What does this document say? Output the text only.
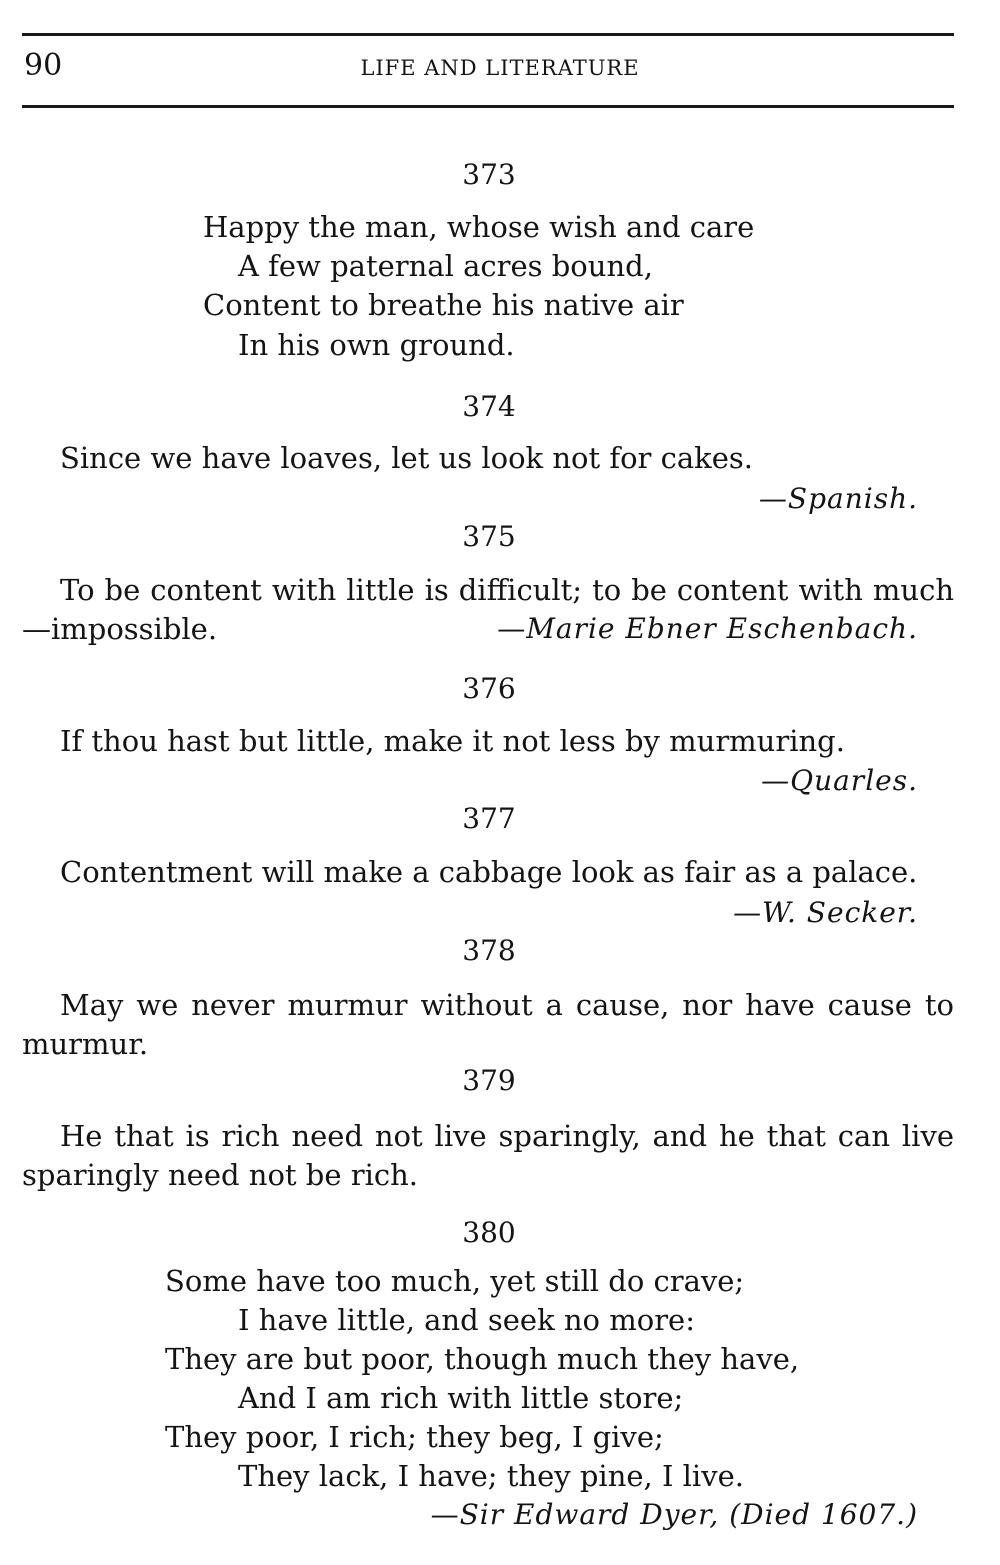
90	LIFE AND LITERATURE
373
Happy the man, whose wish and care
A few paternal acres bound,
Content to breathe his native air
In his own ground.
374
Since we have loaves, let us look not for cakes.
—Spanish.
375
To be content with little is difficult; to be content with much—impossible.	—Marie Ebner Eschenbach.
376
If thou hast but little, make it not less by murmuring.
—Quarles.
377
Contentment will make a cabbage look as fair as a palace.
—W. Secker.
378
May we never murmur without a cause, nor have cause to murmur.
379
He that is rich need not live sparingly, and he that can live sparingly need not be rich.
380
Some have too much, yet still do crave;
I have little, and seek no more:
They are but poor, though much they have,
And I am rich with little store;
They poor, I rich; they beg, I give;
They lack, I have; they pine, I live.
—Sir Edward Dyer, (Died 1607.)
